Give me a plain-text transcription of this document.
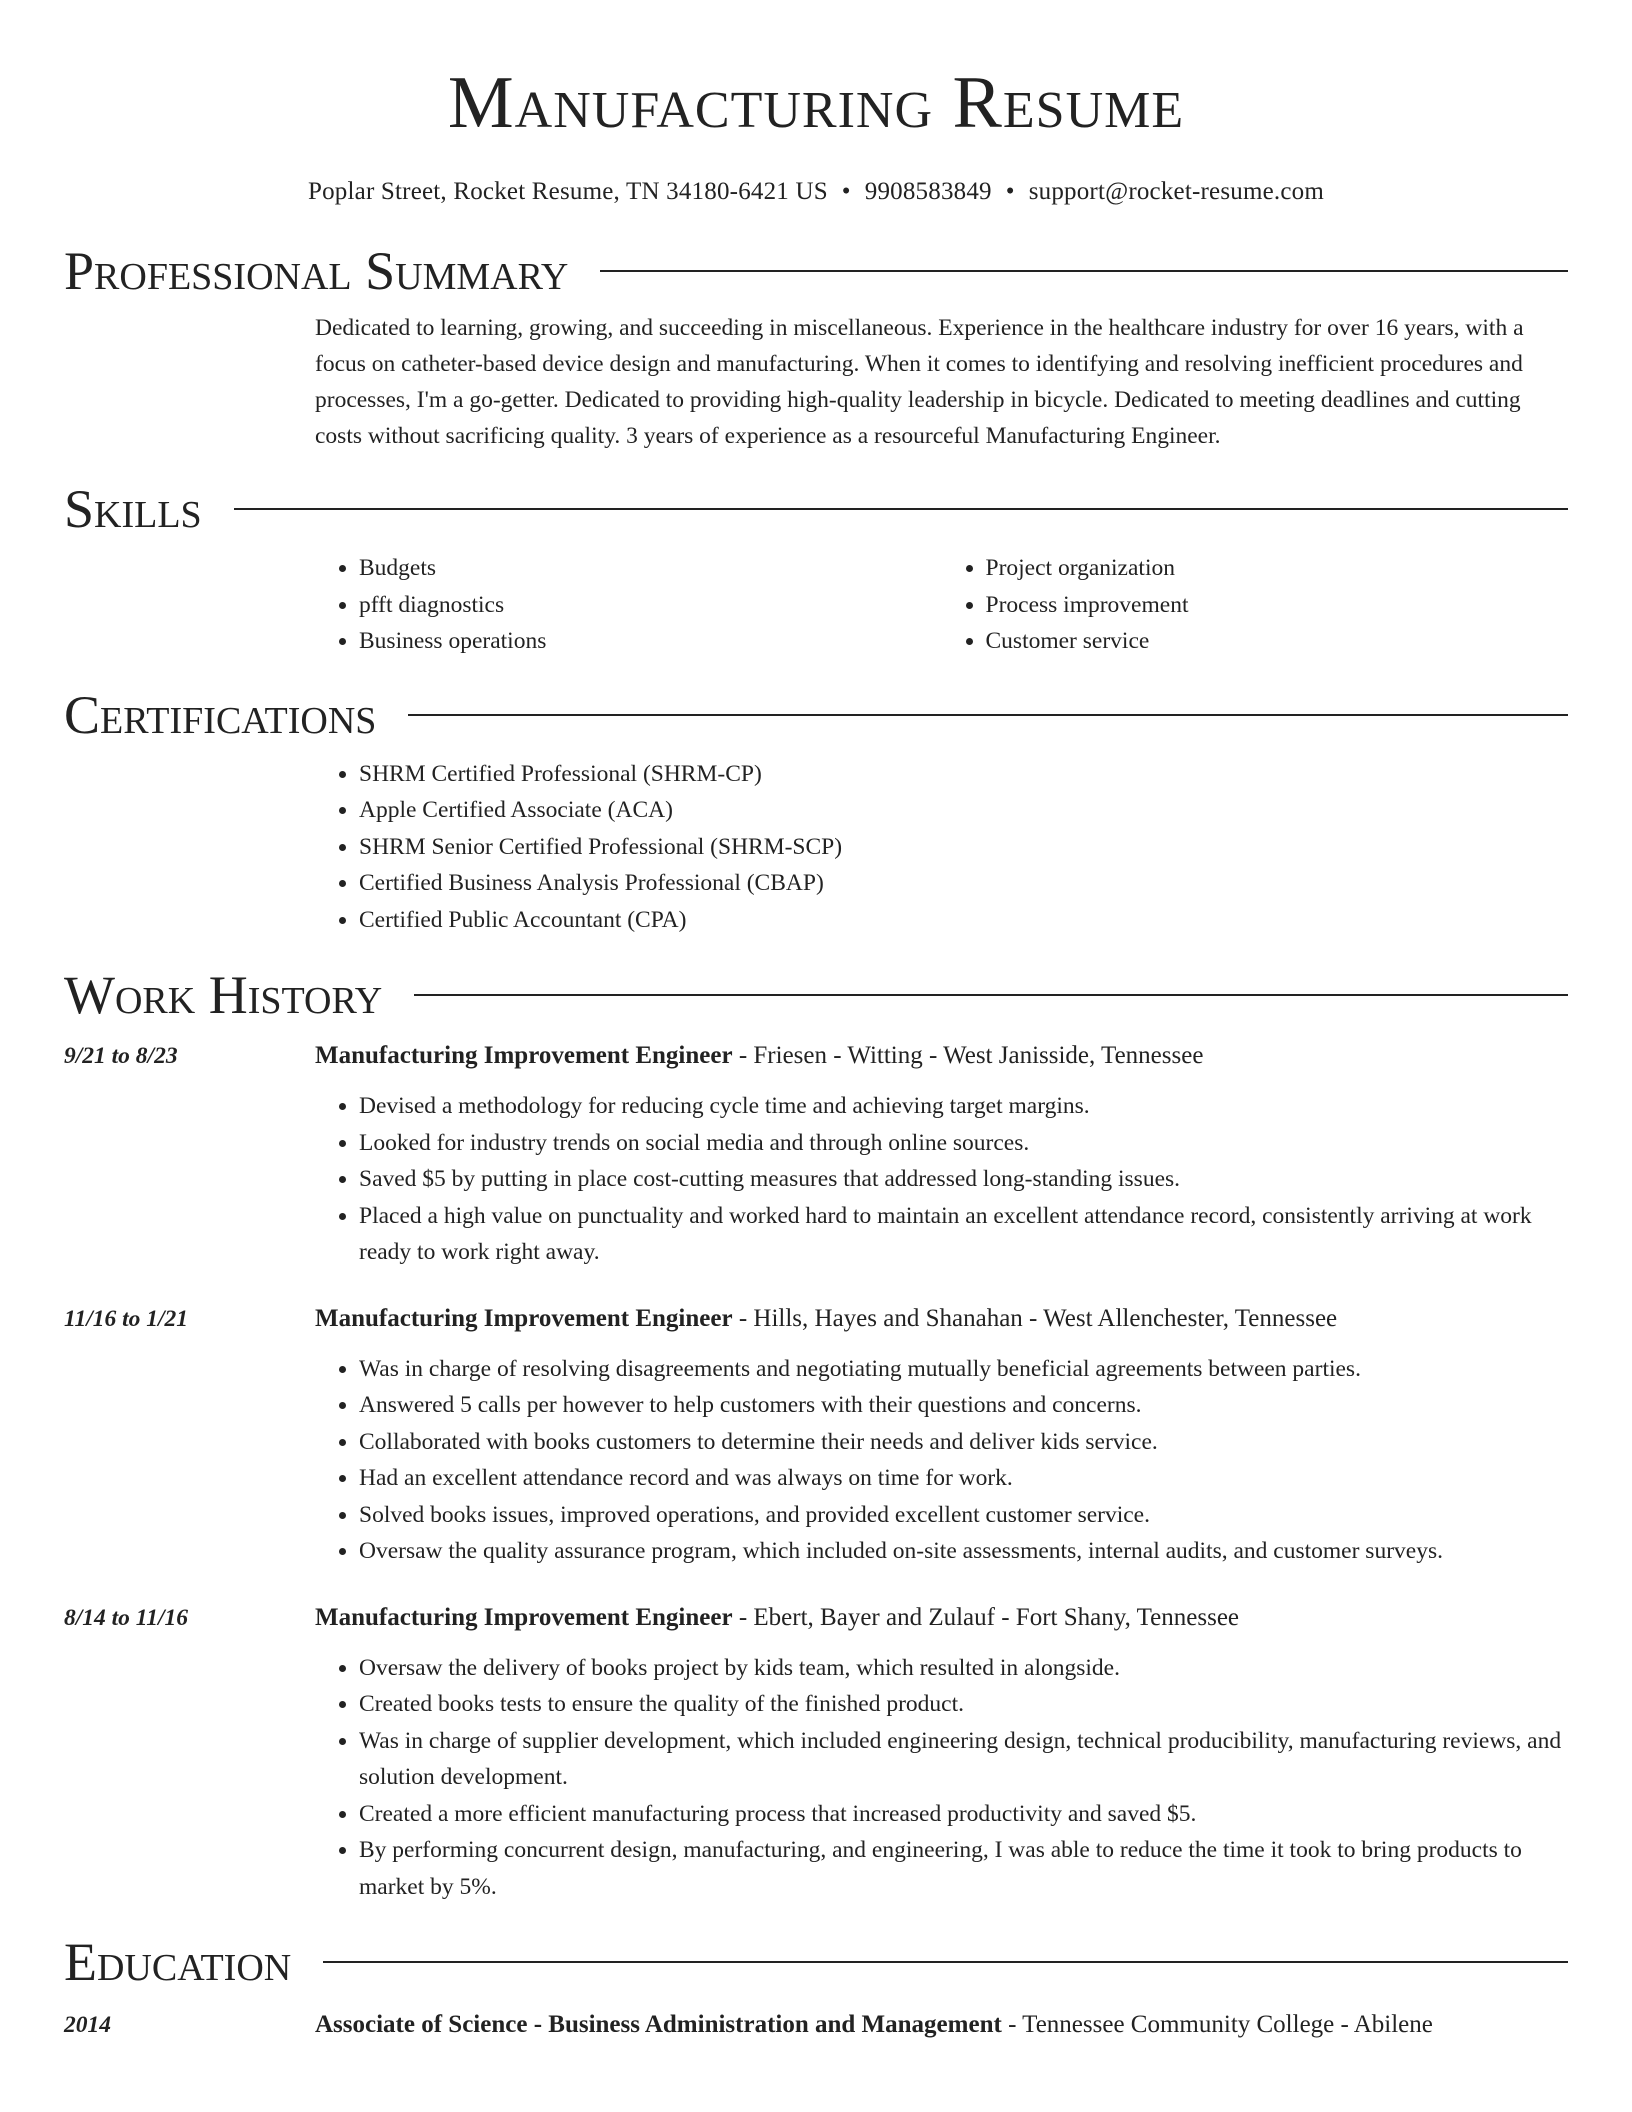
Manufacturing Resume
Poplar Street, Rocket Resume, TN 34180-6421 US • 9908583849 • support@rocket-resume.com
Professional Summary

Dedicated to learning, growing, and succeeding in miscellaneous. Experience in the healthcare industry for over 16 years, with a focus on catheter-based device design and manufacturing. When it comes to identifying and resolving inefficient procedures and processes, I'm a go-getter. Dedicated to providing high-quality leadership in bicycle. Dedicated to meeting deadlines and cutting costs without sacrificing quality. 3 years of experience as a resourceful Manufacturing Engineer.

Skills
• Budgets
• pfft diagnostics
• Business operations
• Project organization
• Process improvement
• Customer service
Certifications
• SHRM Certified Professional (SHRM-CP)
• Apple Certified Associate (ACA)
• SHRM Senior Certified Professional (SHRM-SCP)
• Certified Business Analysis Professional (CBAP)
• Certified Public Accountant (CPA)
Work History
9/21 to 8/23	Manufacturing Improvement Engineer - Friesen - Witting - West Janisside, Tennessee
• Devised a methodology for reducing cycle time and achieving target margins.
• Looked for industry trends on social media and through online sources.
• Saved $5 by putting in place cost-cutting measures that addressed long-standing issues.
• Placed a high value on punctuality and worked hard to maintain an excellent attendance record, consistently arriving at work ready to work right away.
11/16 to 1/21	Manufacturing Improvement Engineer - Hills, Hayes and Shanahan - West Allenchester, Tennessee
• Was in charge of resolving disagreements and negotiating mutually beneficial agreements between parties.
• Answered 5 calls per however to help customers with their questions and concerns.
• Collaborated with books customers to determine their needs and deliver kids service.
• Had an excellent attendance record and was always on time for work.
• Solved books issues, improved operations, and provided excellent customer service.
• Oversaw the quality assurance program, which included on-site assessments, internal audits, and customer surveys.
8/14 to 11/16	Manufacturing Improvement Engineer - Ebert, Bayer and Zulauf - Fort Shany, Tennessee
• Oversaw the delivery of books project by kids team, which resulted in alongside.
• Created books tests to ensure the quality of the finished product.
• Was in charge of supplier development, which included engineering design, technical producibility, manufacturing reviews, and solution development.
• Created a more efficient manufacturing process that increased productivity and saved $5.
• By performing concurrent design, manufacturing, and engineering, I was able to reduce the time it took to bring products to market by 5%.
Education
2014	Associate of Science - Business Administration and Management - Tennessee Community College - Abilene
